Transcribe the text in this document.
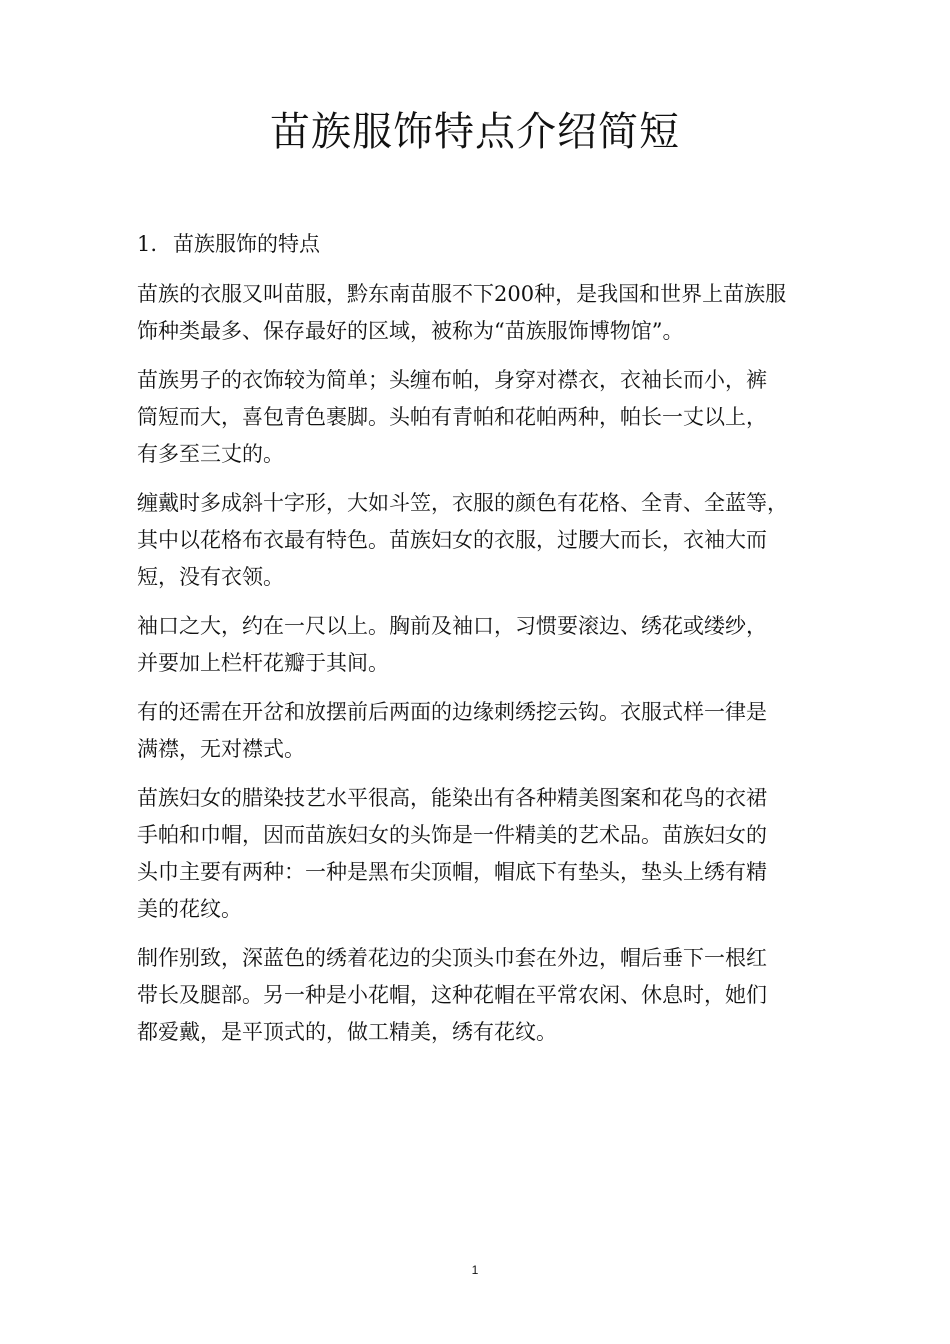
苗族服饰特点介绍简短
1. 苗族服饰的特点
苗族的衣服又叫苗服，黔东南苗服不下200种，是我国和世界上苗族服
饰种类最多、保存最好的区域，被称为“苗族服饰博物馆”。
苗族男子的衣饰较为简单；头缠布帕，身穿对襟衣，衣袖长而小，裤
筒短而大，喜包青色裹脚。头帕有青帕和花帕两种，帕长一丈以上，
有多至三丈的。
缠戴时多成斜十字形，大如斗笠，衣服的颜色有花格、全青、全蓝等，
其中以花格布衣最有特色。苗族妇女的衣服，过腰大而长，衣袖大而
短，没有衣领。
袖口之大，约在一尺以上。胸前及袖口，习惯要滚边、绣花或缕纱，
并要加上栏杆花瓣于其间。
有的还需在开岔和放摆前后两面的边缘刺绣挖云钩。衣服式样一律是
满襟，无对襟式。
苗族妇女的腊染技艺水平很高，能染出有各种精美图案和花鸟的衣裙
手帕和巾帽，因而苗族妇女的头饰是一件精美的艺术品。苗族妇女的
头巾主要有两种：一种是黑布尖顶帽，帽底下有垫头，垫头上绣有精
美的花纹。
制作别致，深蓝色的绣着花边的尖顶头巾套在外边，帽后垂下一根红
带长及腿部。另一种是小花帽，这种花帽在平常农闲、休息时，她们
都爱戴，是平顶式的，做工精美，绣有花纹。
1
